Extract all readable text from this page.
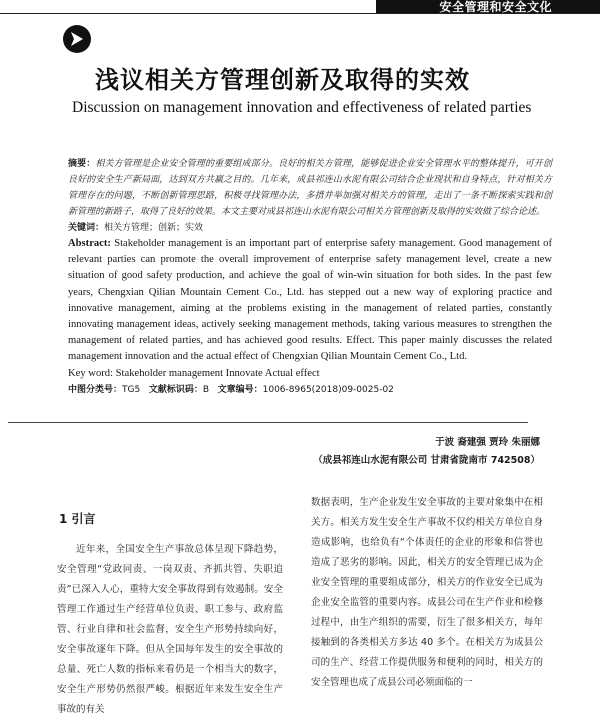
安全管理和安全文化
浅议相关方管理创新及取得的实效
Discussion on management innovation and effectiveness of related parties

摘要：相关方管理是企业安全管理的重要组成部分。良好的相关方管理，能够促进企业安全管理水平的整体提升，可开创良好的安全生产新局面，达到双方共赢之目的。几年来，成县祁连山水泥有限公司结合企业现状和自身特点，针对相关方管理存在的问题，不断创新管理思路，积极寻找管理办法，多措并举加强对相关方的管理，走出了一条不断探索实践和创新管理的新路子，取得了良好的效果。本文主要对成县祁连山水泥有限公司相关方管理创新及取得的实效做了综合论述。

关键词：相关方管理；创新；实效

Abstract: Stakeholder management is an important part of enterprise safety management. Good management of relevant parties can promote the overall improvement of enterprise safety management level, create a new situation of good safety production, and achieve the goal of win-win situation for both sides. In the past few years, Chengxian Qilian Mountain Cement Co., Ltd. has stepped out a new way of exploring practice and innovative management, aiming at the problems existing in the management of related parties, constantly innovating management ideas, actively seeking management methods, taking various measures to strengthen the management of related parties, and has achieved good results. Effect. This paper mainly discusses the related management innovation and the actual effect of Chengxian Qilian Mountain Cement Co., Ltd.

Key word: Stakeholder management Innovate Actual effect

中图分类号：TG5 文献标识码：B 文章编号：1006-8965(2018)09-0025-02

于波 裔建强 贾玲 朱丽娜
（成县祁连山水泥有限公司 甘肃省陇南市 742508）
1 引言

近年来，全国安全生产事故总体呈现下降趋势，安全管理“党政同责、一岗双责、齐抓共管、失职追责”已深入人心，重特大安全事故得到有效遏制。安全管理工作通过生产经营单位负责、职工参与、政府监管、行业自律和社会监督，安全生产形势持续向好，安全事故逐年下降。但从全国每年发生的安全事故的总量、死亡人数的指标来看仍是一个相当大的数字，安全生产形势仍然很严峻。根据近年来发生安全生产事故的有关

数据表明，生产企业发生安全事故的主要对象集中在相关方。相关方发生安全生产事故不仅约相关方单位自身造成影响，也给负有“个体责任的企业的形象和信誉也造成了恶劣的影响。因此，相关方的安全管理已成为企业安全管理的重要组成部分，相关方的作业安全已成为企业安全监管的重要内容。成县公司在生产作业和检修过程中，由生产组织的需要，衍生了很多相关方，每年接触到的各类相关方多达 40 多个。在相关方为成县公司的生产、经营工作提供服务和便利的同时，相关方的安全管理也成了成县公司必须面临的一
